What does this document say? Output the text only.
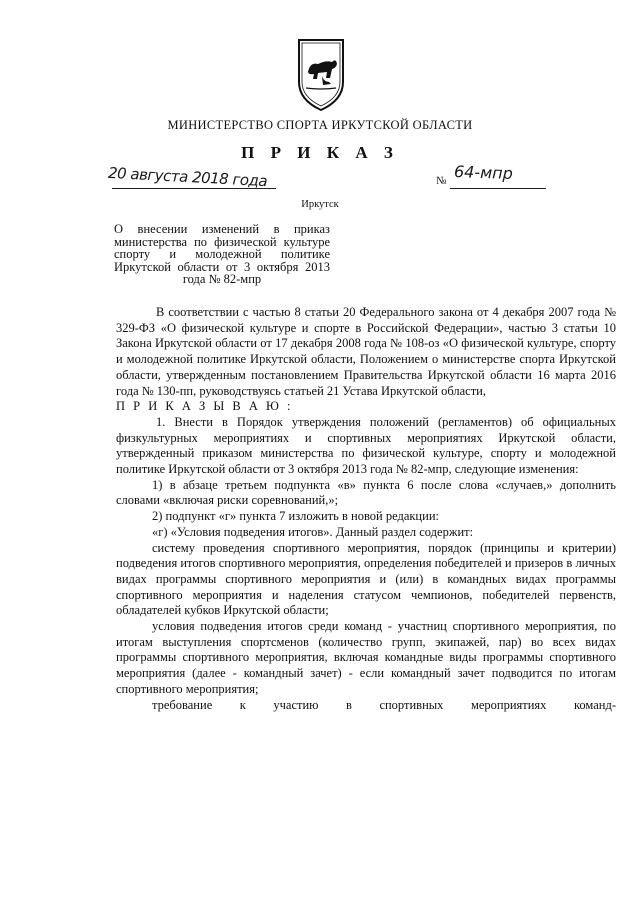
МИНИСТЕРСТВО СПОРТА ИРКУТСКОЙ ОБЛАСТИ
П Р И К А З
20 августа 2018 года	№ 64-мпр
Иркутск
О внесении изменений в приказ министерства по физической культуре спорту и молодежной политике Иркутской области от 3 октября 2013 года № 82-мпр

В соответствии с частью 8 статьи 20 Федерального закона от 4 декабря 2007 года № 329-ФЗ «О физической культуре и спорте в Российской Федерации», частью 3 статьи 10 Закона Иркутской области от 17 декабря 2008 года № 108-оз «О физической культуре, спорту и молодежной политике Иркутской области, Положением о министерстве спорта Иркутской области, утвержденным постановлением Правительства Иркутской области 16 марта 2016 года № 130-пп, руководствуясь статьей 21 Устава Иркутской области,

П Р И К А З Ы В А Ю :

1. Внести в Порядок утверждения положений (регламентов) об официальных физкультурных мероприятиях и спортивных мероприятиях Иркутской области, утвержденный приказом министерства по физической культуре, спорту и молодежной политике Иркутской области от 3 октября 2013 года № 82-мпр, следующие изменения:

1) в абзаце третьем подпункта «в» пункта 6 после слова «случаев,» дополнить словами «включая риски соревнований,»;

2) подпункт «г» пункта 7 изложить в новой редакции:

«г) «Условия подведения итогов». Данный раздел содержит:

систему проведения спортивного мероприятия, порядок (принципы и критерии) подведения итогов спортивного мероприятия, определения победителей и призеров в личных видах программы спортивного мероприятия и (или) в командных видах программы спортивного мероприятия и наделения статусом чемпионов, победителей первенств, обладателей кубков Иркутской области;

условия подведения итогов среди команд - участниц спортивного мероприятия, по итогам выступления спортсменов (количество групп, экипажей, пар) во всех видах программы спортивного мероприятия, включая командные виды программы спортивного мероприятия (далее - командный зачет) - если командный зачет подводится по итогам спортивного мероприятия;

требование к участию в спортивных мероприятиях команд-
